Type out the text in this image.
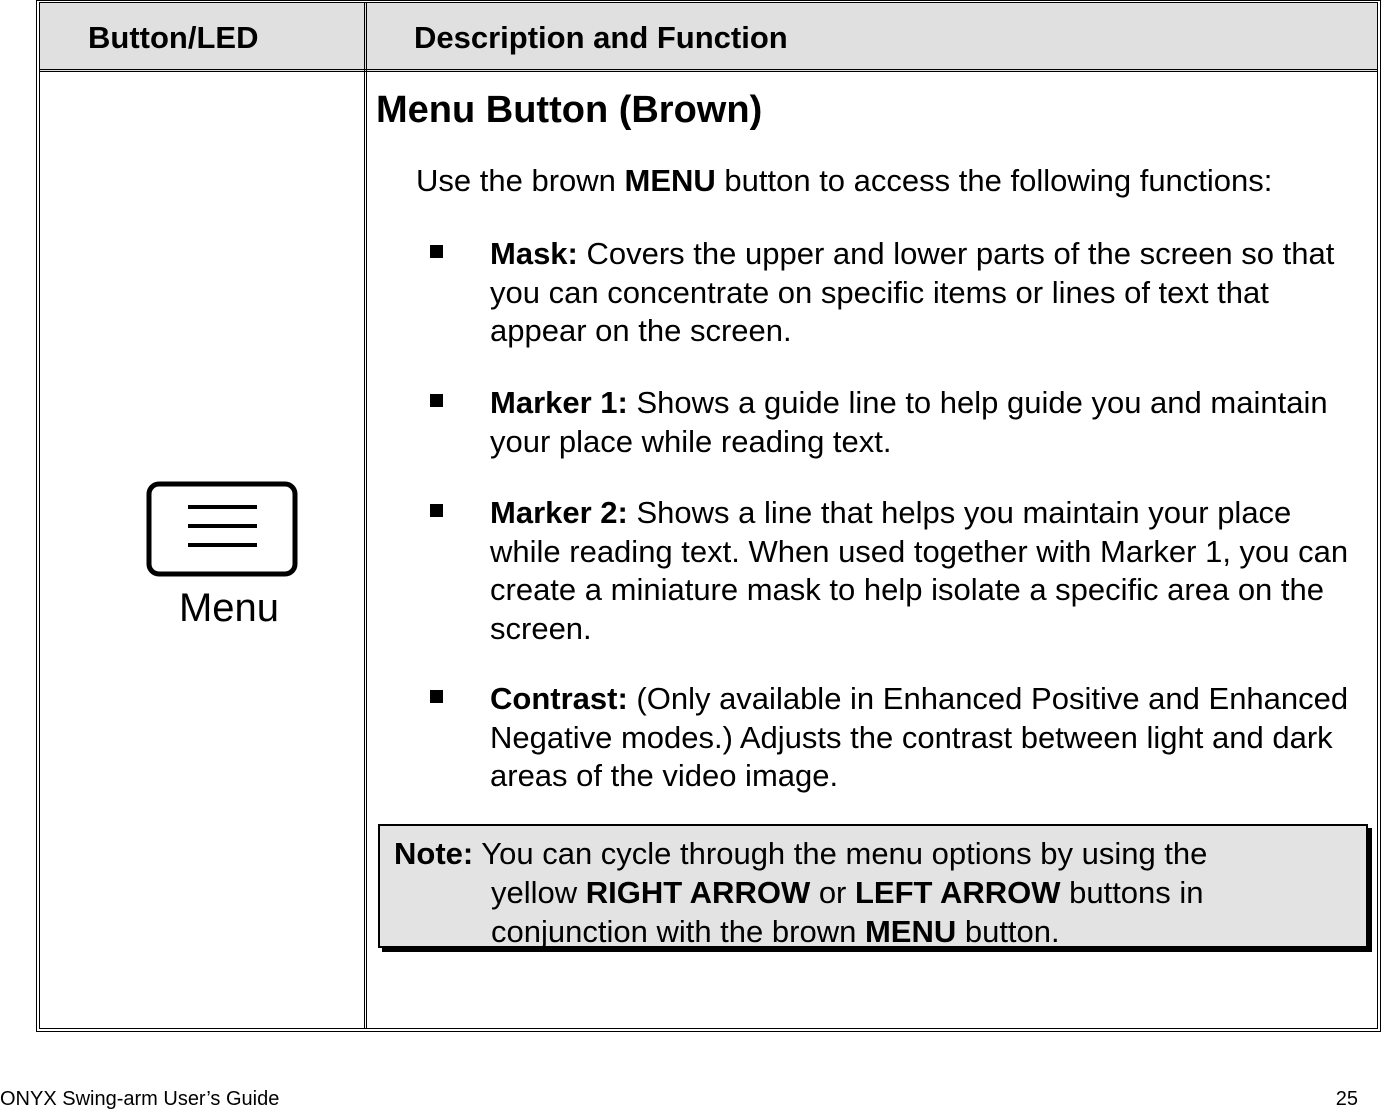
Button/LED	Description and Function

Menu

Menu Button (Brown)

Use the brown MENU button to access the following functions:

Mask: Covers the upper and lower parts of the screen so that you can concentrate on specific items or lines of text that appear on the screen.

Marker 1: Shows a guide line to help guide you and maintain your place while reading text.

Marker 2: Shows a line that helps you maintain your place while reading text. When used together with Marker 1, you can create a miniature mask to help isolate a specific area on the screen.

Contrast: (Only available in Enhanced Positive and Enhanced Negative modes.) Adjusts the contrast between light and dark areas of the video image.

Note: You can cycle through the menu options by using the
yellow RIGHT ARROW or LEFT ARROW buttons in
conjunction with the brown MENU button.

ONYX Swing-arm User’s Guide	25
